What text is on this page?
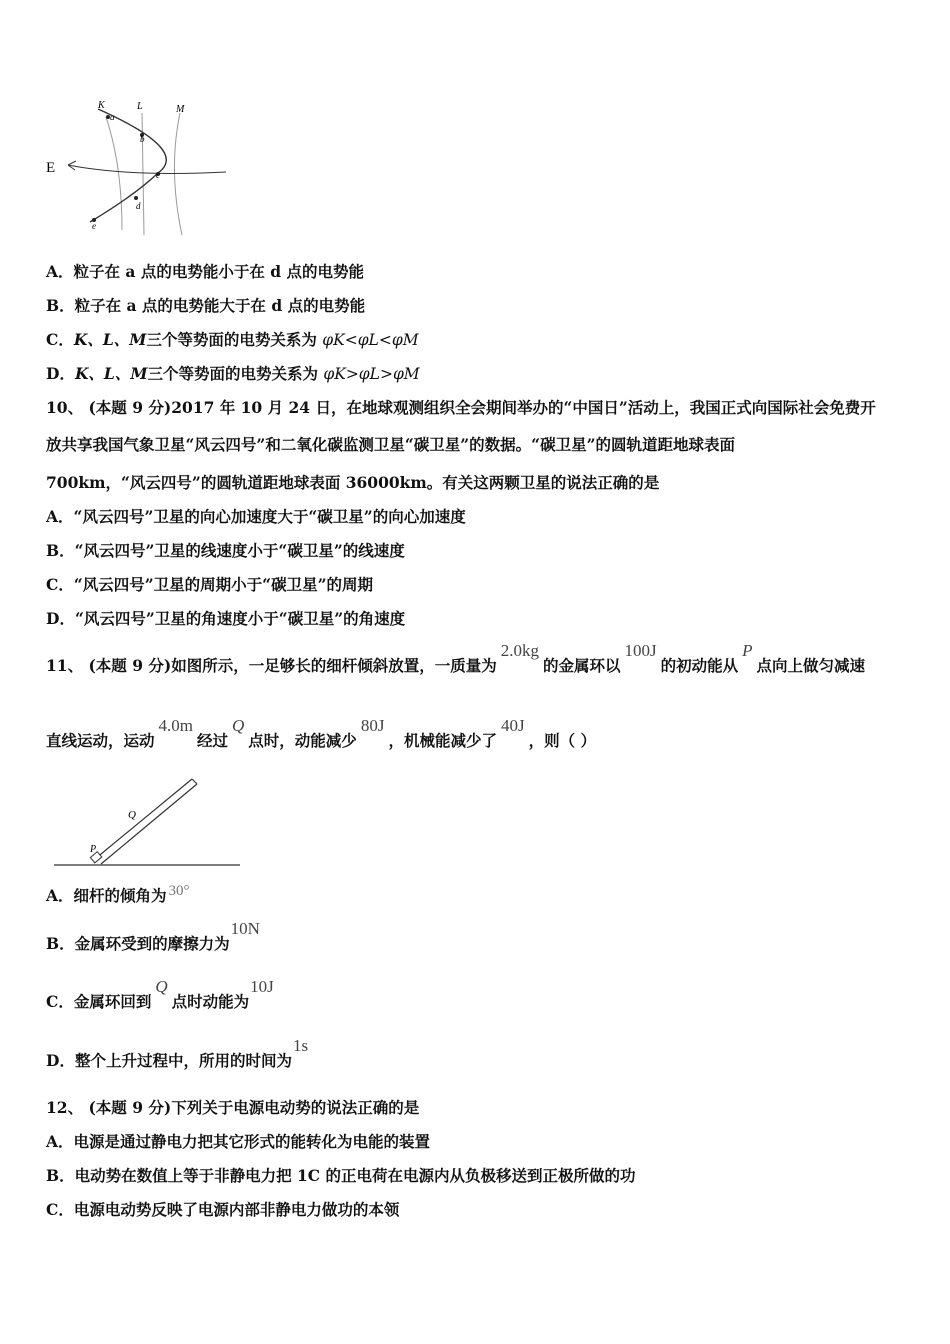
K	L	M
E
a
b
c
d
e
A．粒子在 a 点的电势能小于在 d 点的电势能
B．粒子在 a 点的电势能大于在 d 点的电势能
C．K、L、M三个等势面的电势关系为 φK<φL<φM
D．K、L、M三个等势面的电势关系为 φK>φL>φM
10、 (本题 9 分)2017 年 10 月 24 日，在地球观测组织全会期间举办的“中国日”活动上，我国正式向国际社会免费开
放共享我国气象卫星“风云四号”和二氧化碳监测卫星“碳卫星”的数据。“碳卫星”的圆轨道距地球表面
700km，“风云四号”的圆轨道距地球表面 36000km。有关这两颗卫星的说法正确的是
A．“风云四号”卫星的向心加速度大于“碳卫星”的向心加速度
B．“风云四号”卫星的线速度小于“碳卫星”的线速度
C．“风云四号”卫星的周期小于“碳卫星”的周期
D．“风云四号”卫星的角速度小于“碳卫星”的角速度
11、 (本题 9 分)如图所示，一足够长的细杆倾斜放置，一质量为2.0kg的金属环以100J的初动能从P点向上做匀减速
直线运动，运动4.0m经过Q点时，动能减少80J，机械能减少了40J，则（ ）
Q
P
A．细杆的倾角为 30°
B．金属环受到的摩擦力为10N
C．金属环回到Q点时动能为10J
D．整个上升过程中，所用的时间为1s
12、 (本题 9 分)下列关于电源电动势的说法正确的是
A．电源是通过静电力把其它形式的能转化为电能的装置
B．电动势在数值上等于非静电力把 1C 的正电荷在电源内从负极移送到正极所做的功
C．电源电动势反映了电源内部非静电力做功的本领
